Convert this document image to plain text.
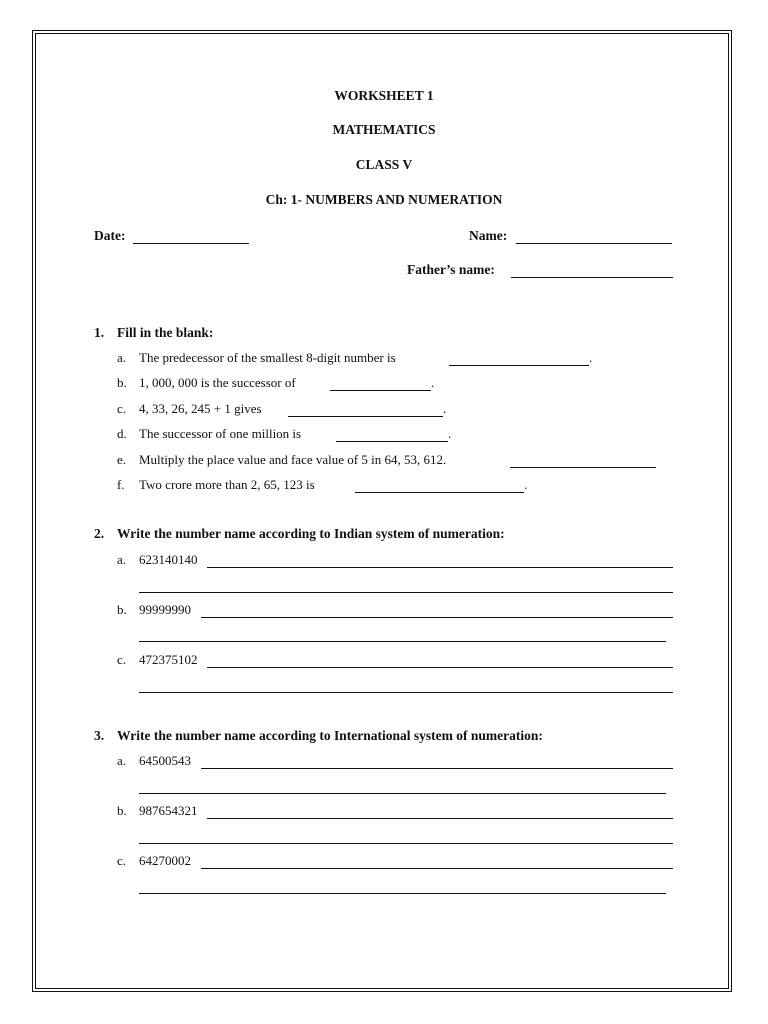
WORKSHEET 1
MATHEMATICS
CLASS V
Ch: 1- NUMBERS AND NUMERATION
Date:	Name:
Father’s name:
1. Fill in the blank:
a. The predecessor of the smallest 8-digit number is	.
b. 1, 000, 000 is the successor of	.
c. 4, 33, 26, 245 + 1 gives	.
d. The successor of one million is	.
e. Multiply the place value and face value of 5 in 64, 53, 612.
f. Two crore more than 2, 65, 123 is	.
2. Write the number name according to Indian system of numeration:
a. 623140140
b. 99999990
c. 472375102
3. Write the number name according to International system of numeration:
a. 64500543
b. 987654321
c. 64270002
